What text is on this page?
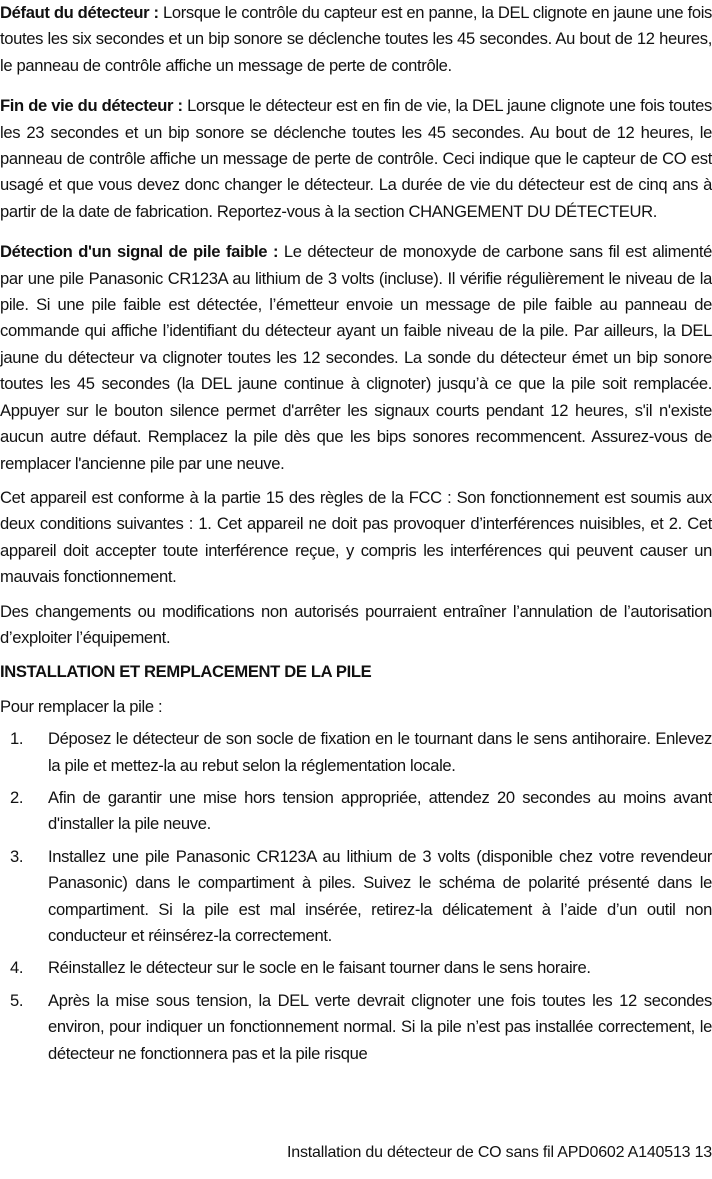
Défaut du détecteur : Lorsque le contrôle du capteur est en panne, la DEL clignote en jaune une fois toutes les six secondes et un bip sonore se déclenche toutes les 45 secondes. Au bout de 12 heures, le panneau de contrôle affiche un message de perte de contrôle.

Fin de vie du détecteur : Lorsque le détecteur est en fin de vie, la DEL jaune clignote une fois toutes les 23 secondes et un bip sonore se déclenche toutes les 45 secondes. Au bout de 12 heures, le panneau de contrôle affiche un message de perte de contrôle. Ceci indique que le capteur de CO est usagé et que vous devez donc changer le détecteur. La durée de vie du détecteur est de cinq ans à partir de la date de fabrication. Reportez-vous à la section CHANGEMENT DU DÉTECTEUR.

Détection d'un signal de pile faible : Le détecteur de monoxyde de carbone sans fil est alimenté par une pile Panasonic CR123A au lithium de 3 volts (incluse). Il vérifie régulièrement le niveau de la pile. Si une pile faible est détectée, l’émetteur envoie un message de pile faible au panneau de commande qui affiche l’identifiant du détecteur ayant un faible niveau de la pile. Par ailleurs, la DEL jaune du détecteur va clignoter toutes les 12 secondes. La sonde du détecteur émet un bip sonore toutes les 45 secondes (la DEL jaune continue à clignoter) jusqu’à ce que la pile soit remplacée. Appuyer sur le bouton silence permet d'arrêter les signaux courts pendant 12 heures, s'il n'existe aucun autre défaut. Remplacez la pile dès que les bips sonores recommencent. Assurez-vous de remplacer l'ancienne pile par une neuve.

Cet appareil est conforme à la partie 15 des règles de la FCC : Son fonctionnement est soumis aux deux conditions suivantes : 1. Cet appareil ne doit pas provoquer d’interférences nuisibles, et 2. Cet appareil doit accepter toute interférence reçue, y compris les interférences qui peuvent causer un mauvais fonctionnement.

Des changements ou modifications non autorisés pourraient entraîner l’annulation de l’autorisation d’exploiter l’équipement.

INSTALLATION ET REMPLACEMENT DE LA PILE

Pour remplacer la pile :

1. Déposez le détecteur de son socle de fixation en le tournant dans le sens antihoraire. Enlevez la pile et mettez-la au rebut selon la réglementation locale.
2. Afin de garantir une mise hors tension appropriée, attendez 20 secondes au moins avant d'installer la pile neuve.
3. Installez une pile Panasonic CR123A au lithium de 3 volts (disponible chez votre revendeur Panasonic) dans le compartiment à piles. Suivez le schéma de polarité présenté dans le compartiment. Si la pile est mal insérée, retirez-la délicatement à l’aide d’un outil non conducteur et réinsérez-la correctement.
4. Réinstallez le détecteur sur le socle en le faisant tourner dans le sens horaire.
5. Après la mise sous tension, la DEL verte devrait clignoter une fois toutes les 12 secondes environ, pour indiquer un fonctionnement normal. Si la pile n’est pas installée correctement, le détecteur ne fonctionnera pas et la pile risque
Installation du détecteur de CO sans fil APD0602 A140513 13
